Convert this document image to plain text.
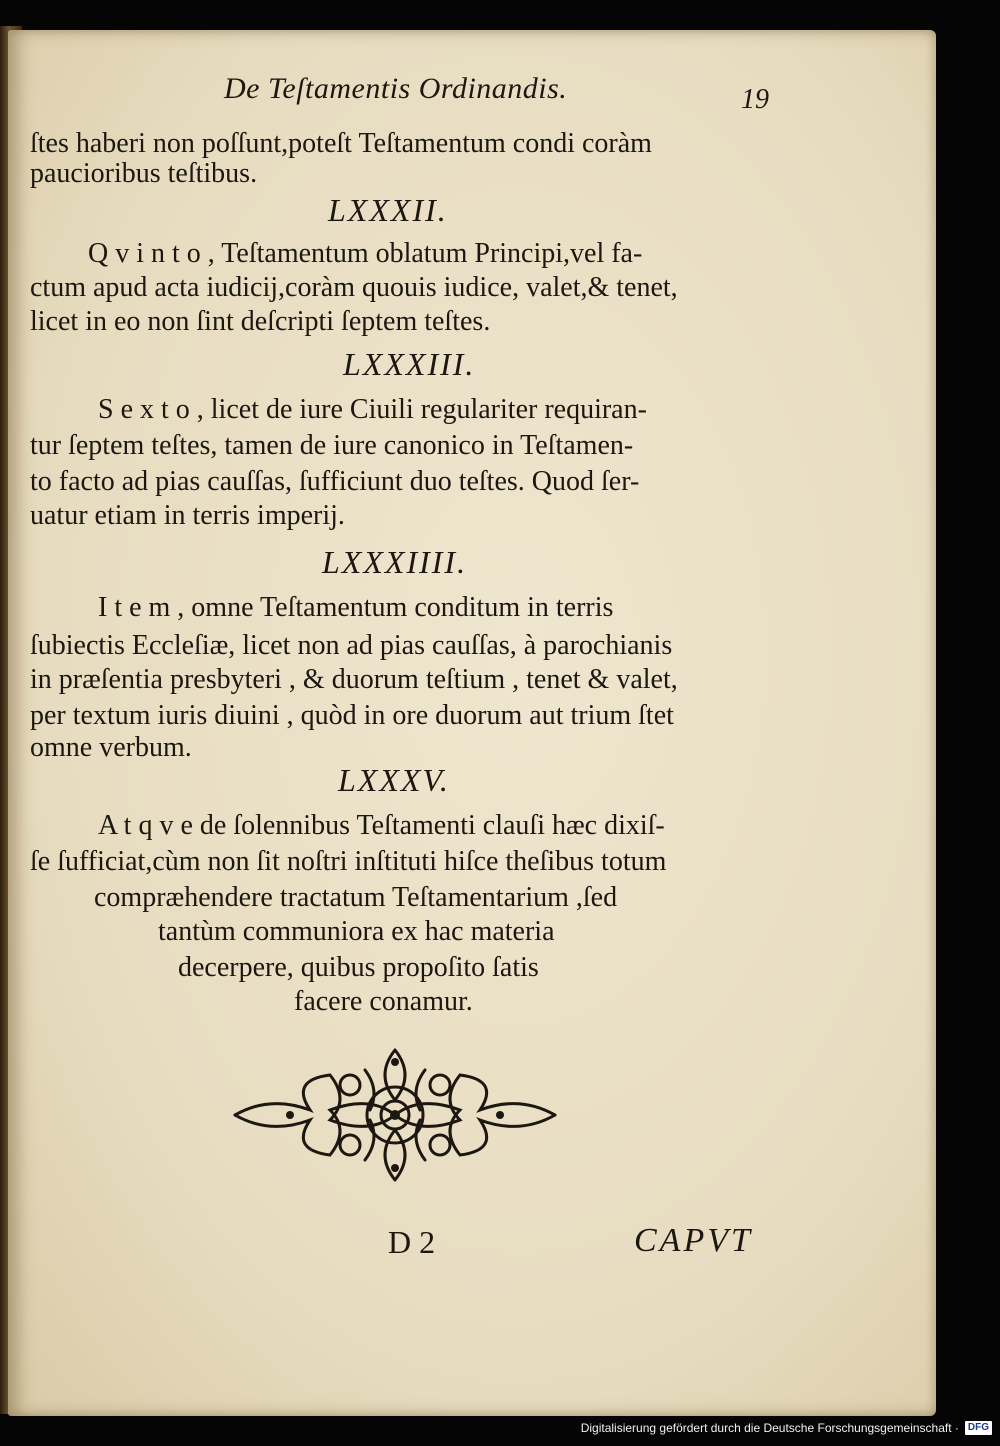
De Teſtamentis Ordinandis.	19
ſtes haberi non poſſunt,poteſt Teſtamentum condi coràm
paucioribus teſtibus.
LXXXII.
Q v i n t o , Teſtamentum oblatum Principi,vel fa-
ctum apud acta iudicij,coràm quouis iudice, valet,& tenet,
licet in eo non ſint deſcripti ſeptem teſtes.
LXXXIII.
S e x t o , licet de iure Ciuili regulariter requiran-
tur ſeptem teſtes, tamen de iure canonico in Teſtamen-
to facto ad pias cauſſas, ſufficiunt duo teſtes. Quod ſer-
uatur etiam in terris imperij.
LXXXIIII.
I t e m , omne Teſtamentum conditum in terris
ſubiectis Eccleſiæ, licet non ad pias cauſſas, à parochianis
in præſentia presbyteri , & duorum teſtium , tenet & valet,
per textum iuris diuini , quòd in ore duorum aut trium ſtet
omne verbum.
LXXXV.
A t q v e de ſolennibus Teſtamenti clauſi hæc dixiſ-
ſe ſufficiat,cùm non ſit noſtri inſtituti hiſce theſibus totum
compræhendere tractatum Teſtamentarium ,ſed
tantùm communiora ex hac materia
decerpere, quibus propoſito ſatis
facere conamur.
D 2	CAPVT
Digitalisierung gefördert durch die Deutsche Forschungsgemeinschaft · DFG
